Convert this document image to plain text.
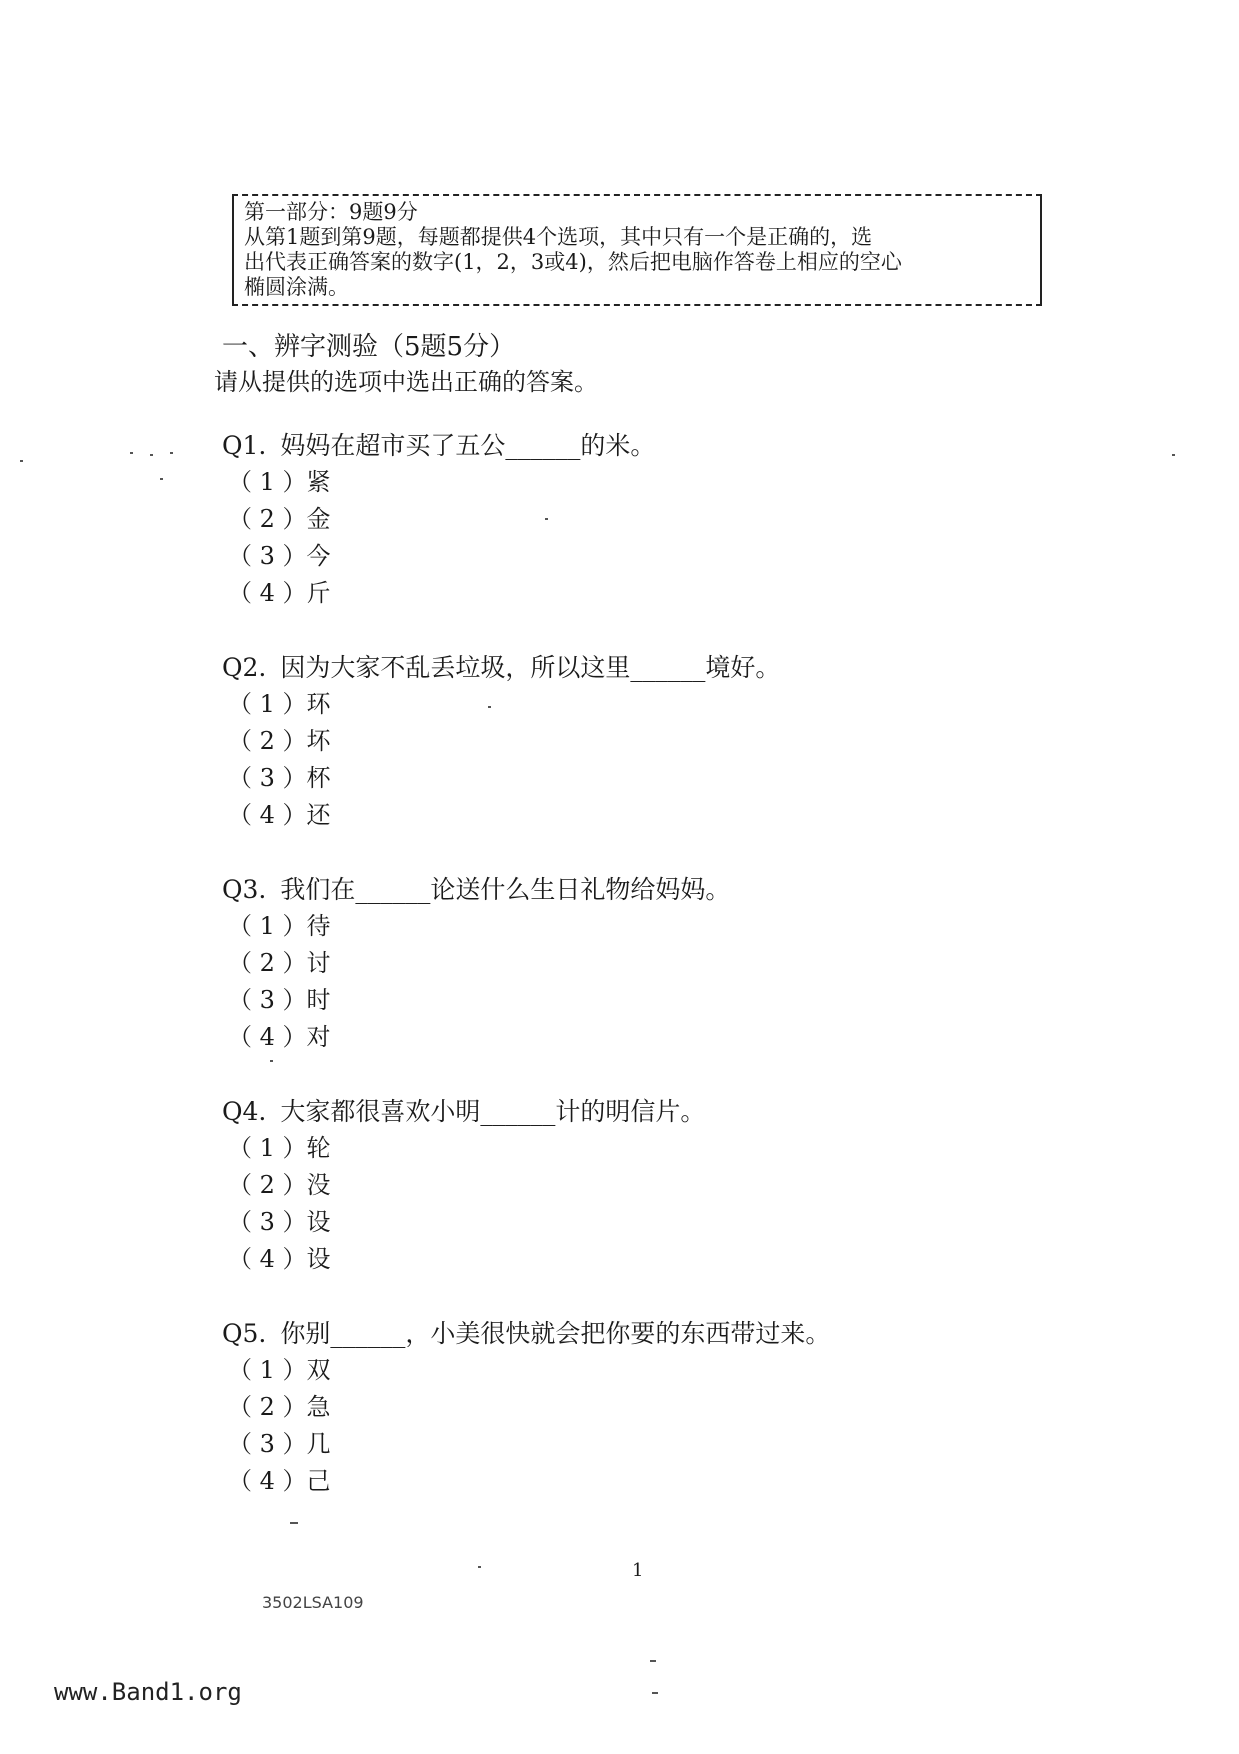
第一部分：9题9分
从第1题到第9题，每题都提供4个选项，其中只有一个是正确的，选
出代表正确答案的数字(1，2，3或4)，然后把电脑作答卷上相应的空心
椭圆涂满。
一、辨字测验（5题5分）
请从提供的选项中选出正确的答案。
Q1. 妈妈在超市买了五公______的米。
（ 1 ）紧
（ 2 ）金
（ 3 ）今
（ 4 ）斤
Q2. 因为大家不乱丢垃圾，所以这里______境好。
（ 1 ）环
（ 2 ）坏
（ 3 ）杯
（ 4 ）还
Q3. 我们在______论送什么生日礼物给妈妈。
（ 1 ）待
（ 2 ）讨
（ 3 ）时
（ 4 ）对
Q4. 大家都很喜欢小明______计的明信片。
（ 1 ）轮
（ 2 ）没
（ 3 ）设
（ 4 ）设
Q5. 你别______，小美很快就会把你要的东西带过来。
（ 1 ）双
（ 2 ）急
（ 3 ）几
（ 4 ）己
1
3502LSA109
www.Band1.org
